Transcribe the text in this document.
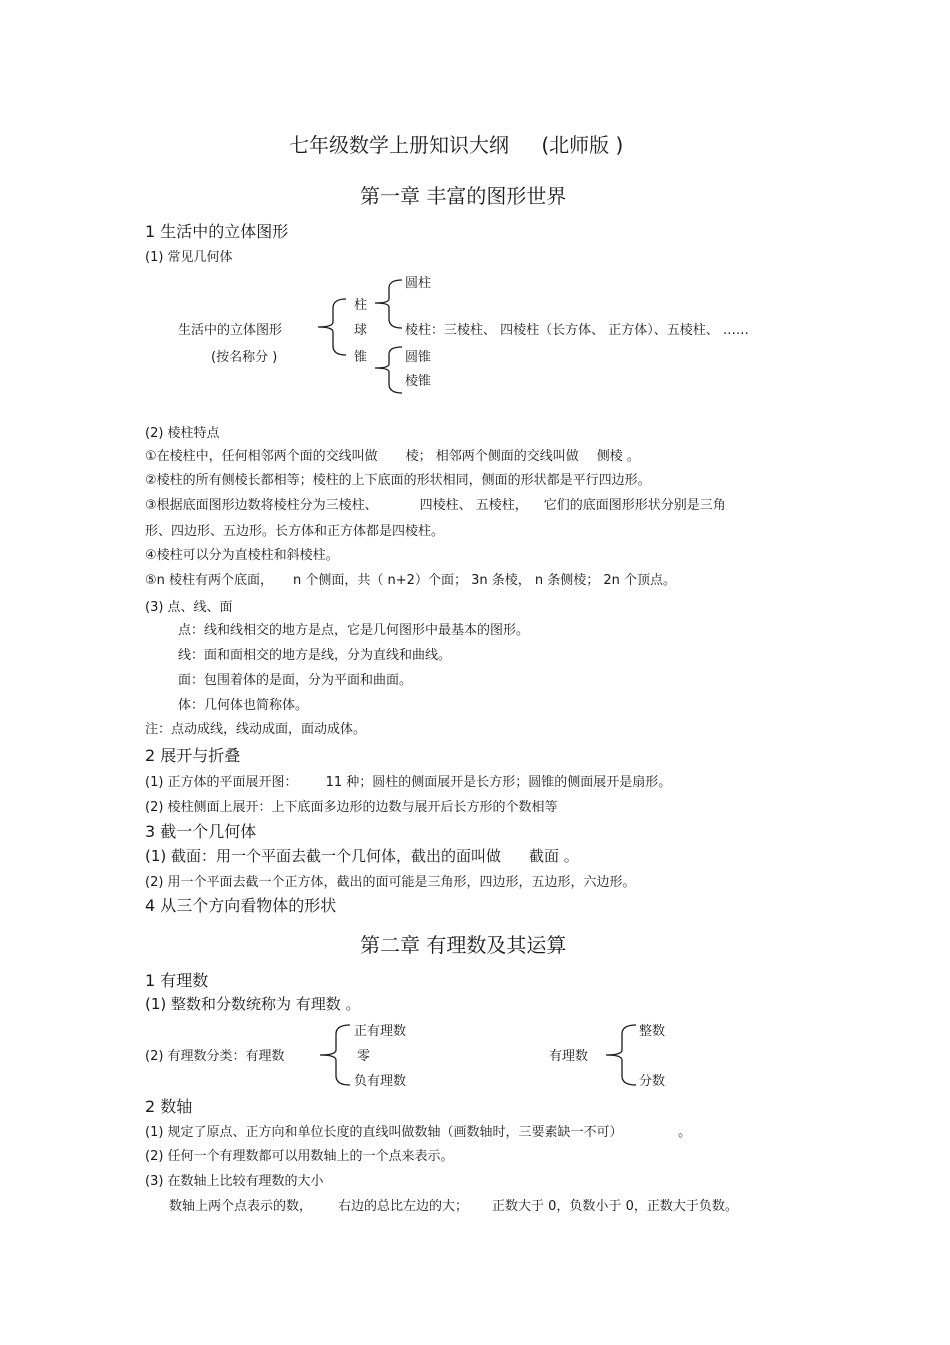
七年级数学上册知识大纲 (北师版 )
第一章 丰富的图形世界
1 生活中的立体图形
(1) 常见几何体
生活中的立体图形
(按名称分 )
柱
球
锥
圆柱
棱柱：三棱柱、 四棱柱（长方体、 正方体）、五棱柱、 ……
圆锥
棱锥
(2) 棱柱特点
①在棱柱中，任何相邻两个面的交线叫做 棱； 相邻两个侧面的交线叫做 侧棱 。
②棱柱的所有侧棱长都相等；棱柱的上下底面的形状相同，侧面的形状都是平行四边形。
③根据底面图形边数将棱柱分为三棱柱、	四棱柱、 五棱柱， 它们的底面图形形状分别是三角
形、四边形、五边形。长方体和正方体都是四棱柱。
④棱柱可以分为直棱柱和斜棱柱。
⑤n 棱柱有两个底面， n 个侧面，共（ n+2）个面； 3n 条棱， n 条侧棱； 2n 个顶点。
(3) 点、线、面
点：线和线相交的地方是点，它是几何图形中最基本的图形。
线：面和面相交的地方是线，分为直线和曲线。
面：包围着体的是面，分为平面和曲面。
体：几何体也简称体。
注：点动成线，线动成面，面动成体。
2 展开与折叠
(1) 正方体的平面展开图： 11 种；圆柱的侧面展开是长方形；圆锥的侧面展开是扇形。
(2) 棱柱侧面上展开：上下底面多边形的边数与展开后长方形的个数相等
3 截一个几何体
(1) 截面：用一个平面去截一个几何体，截出的面叫做 截面 。
(2) 用一个平面去截一个正方体，截出的面可能是三角形，四边形，五边形，六边形。
4 从三个方向看物体的形状
第二章 有理数及其运算
1 有理数
(1) 整数和分数统称为 有理数 。
(2) 有理数分类：有理数
正有理数
零
负有理数
有理数
整数
分数
2 数轴
(1) 规定了原点、正方向和单位长度的直线叫做数轴（画数轴时，三要素缺一不可）	。
(2) 任何一个有理数都可以用数轴上的一个点来表示。
(3) 在数轴上比较有理数的大小
数轴上两个点表示的数， 右边的总比左边的大； 正数大于 0，负数小于 0，正数大于负数。
